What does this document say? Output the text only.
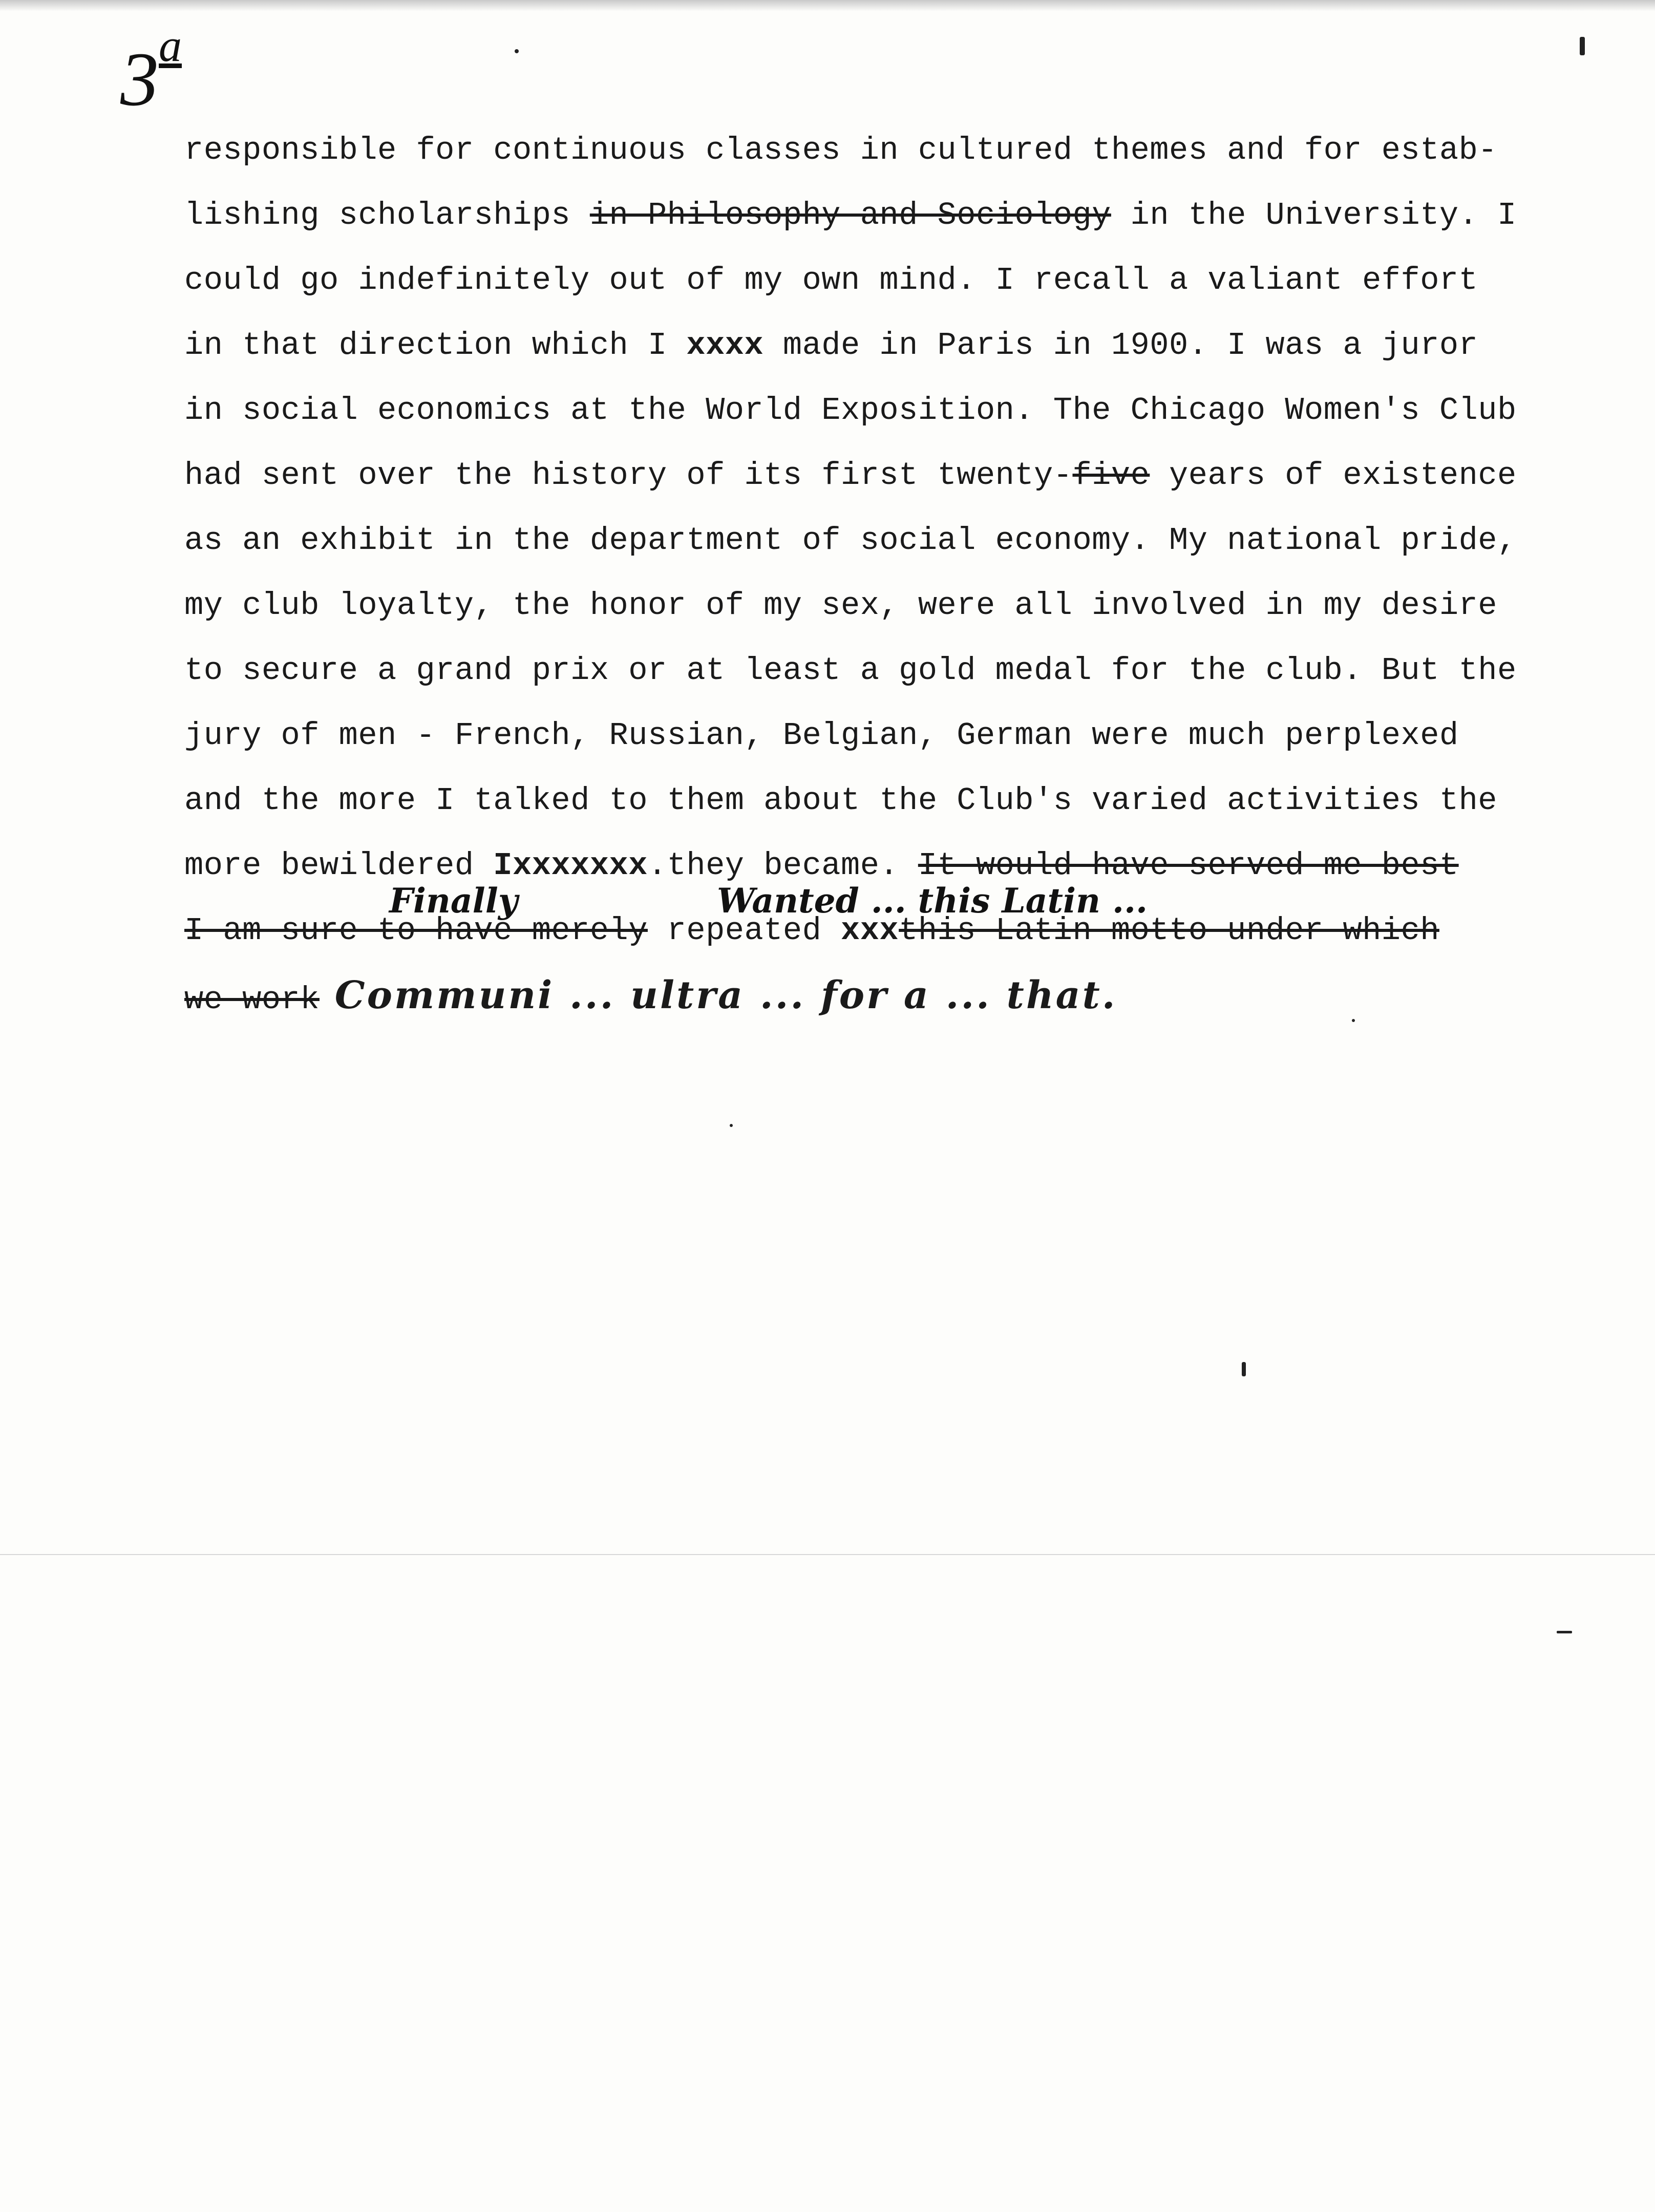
3$^a$
responsible for continuous classes in cultured themes and for estab-
lishing scholarships in Philosophy and Sociology in the University. I
could go indefinitely out of my own mind. I recall a valiant effort
in that direction which I xxxx made in Paris in 1900. I was a juror
in social economics at the World Exposition. The Chicago Women's Club
had sent over the history of its first twenty-five years of existence
as an exhibit in the department of social economy. My national pride,
my club loyalty, the honor of my sex, were all involved in my desire
to secure a grand prix or at least a gold medal for the club. But the
jury of men - French, Russian, Belgian, German were much perplexed
and the more I talked to them about the Club's varied activities the
more bewildered Ixxxxxxx.they became. It would have served me best
I am sure to have merely repeated xxxthis Latin motto under which
we work Communi ... ultra ... for a ... that.
Finally	Wanted ... this Latin ...
